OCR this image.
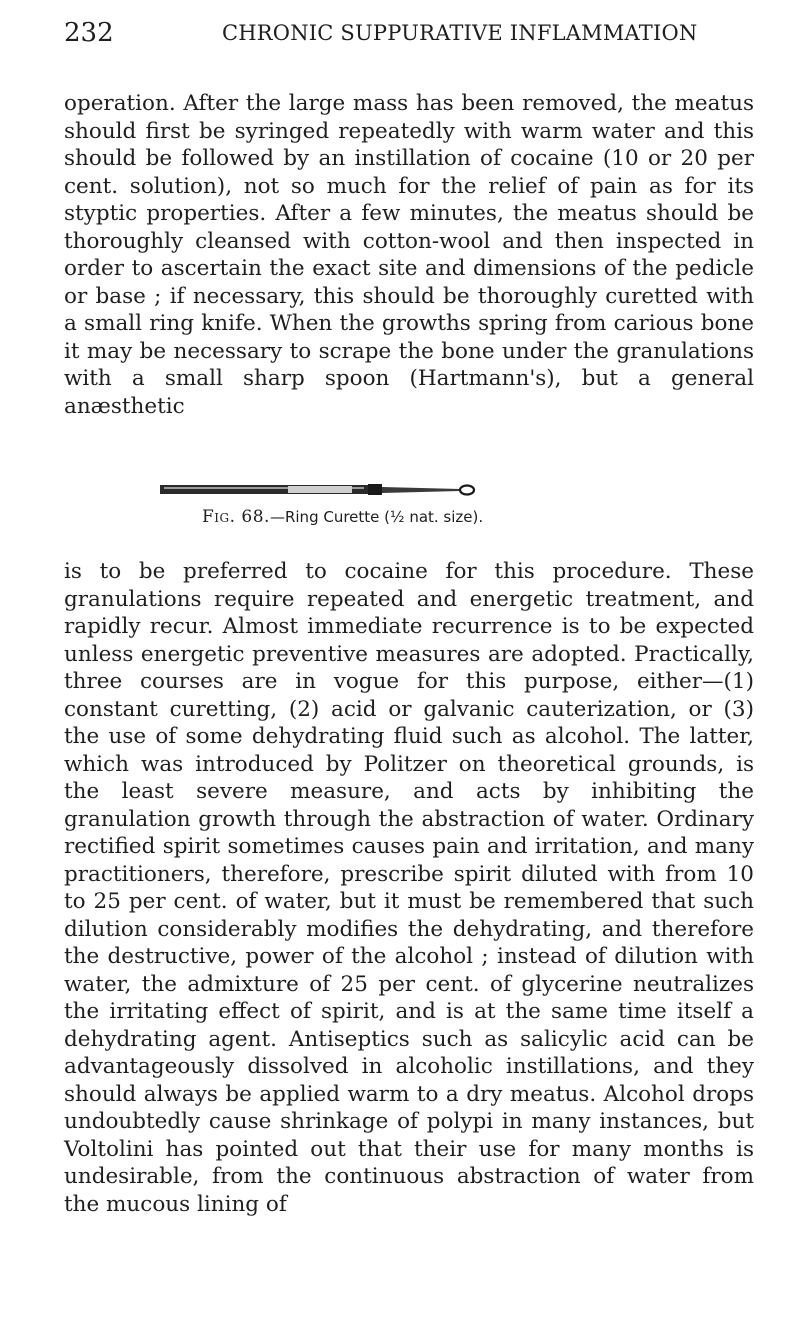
232	CHRONIC SUPPURATIVE INFLAMMATION

operation. After the large mass has been removed, the meatus should first be syringed repeatedly with warm water and this should be followed by an instillation of cocaine (10 or 20 per cent. solution), not so much for the relief of pain as for its styptic properties. After a few minutes, the meatus should be thoroughly cleansed with cotton-wool and then inspected in order to ascertain the exact site and dimensions of the pedicle or base ; if necessary, this should be thoroughly curetted with a small ring knife. When the growths spring from carious bone it may be necessary to scrape the bone under the granulations with a small sharp spoon (Hartmann's), but a general anæsthetic

Fig. 68.—Ring Curette (½ nat. size).

is to be preferred to cocaine for this procedure. These granulations require repeated and energetic treatment, and rapidly recur. Almost immediate recurrence is to be expected unless energetic preventive measures are adopted. Practically, three courses are in vogue for this purpose, either—(1) constant curetting, (2) acid or galvanic cauterization, or (3) the use of some dehydrating fluid such as alcohol. The latter, which was introduced by Politzer on theoretical grounds, is the least severe measure, and acts by inhibiting the granulation growth through the abstraction of water. Ordinary rectified spirit sometimes causes pain and irritation, and many practitioners, therefore, prescribe spirit diluted with from 10 to 25 per cent. of water, but it must be remembered that such dilution considerably modifies the dehydrating, and therefore the destructive, power of the alcohol ; instead of dilution with water, the admixture of 25 per cent. of glycerine neutralizes the irritating effect of spirit, and is at the same time itself a dehydrating agent. Antiseptics such as salicylic acid can be advantageously dissolved in alcoholic instillations, and they should always be applied warm to a dry meatus. Alcohol drops undoubtedly cause shrinkage of polypi in many instances, but Voltolini has pointed out that their use for many months is undesirable, from the continuous abstraction of water from the mucous lining of
